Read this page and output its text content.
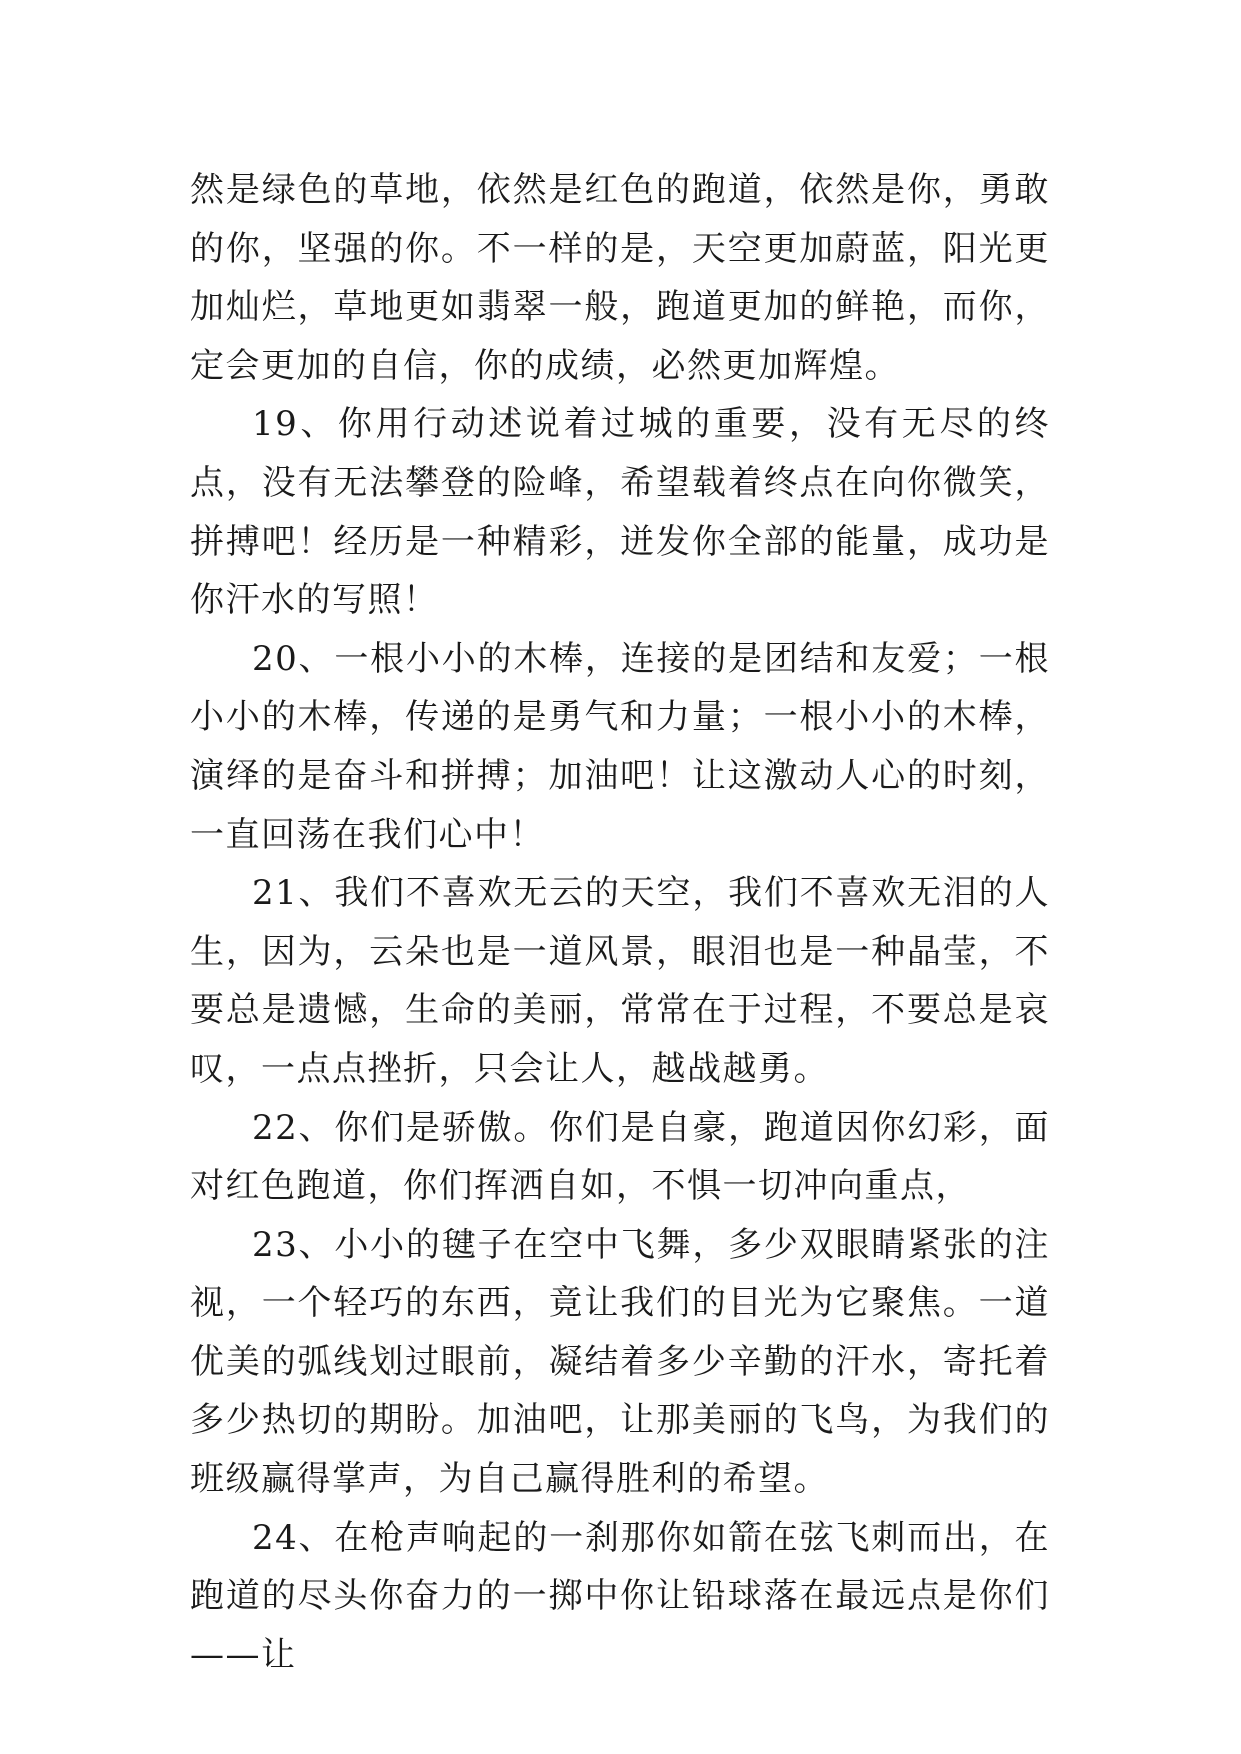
然是绿色的草地，依然是红色的跑道，依然是你，勇敢的你，坚强的你。不一样的是，天空更加蔚蓝，阳光更加灿烂，草地更如翡翠一般，跑道更加的鲜艳，而你，定会更加的自信，你的成绩，必然更加辉煌。

19、你用行动述说着过城的重要，没有无尽的终点，没有无法攀登的险峰，希望载着终点在向你微笑，拼搏吧！经历是一种精彩，迸发你全部的能量，成功是你汗水的写照！

20、一根小小的木棒，连接的是团结和友爱；一根小小的木棒，传递的是勇气和力量；一根小小的木棒，演绎的是奋斗和拼搏；加油吧！让这激动人心的时刻，一直回荡在我们心中！

21、我们不喜欢无云的天空，我们不喜欢无泪的人生，因为，云朵也是一道风景，眼泪也是一种晶莹，不要总是遗憾，生命的美丽，常常在于过程，不要总是哀叹，一点点挫折，只会让人，越战越勇。

22、你们是骄傲。你们是自豪，跑道因你幻彩，面对红色跑道，你们挥洒自如，不惧一切冲向重点，

23、小小的毽子在空中飞舞，多少双眼睛紧张的注视，一个轻巧的东西，竟让我们的目光为它聚焦。一道优美的弧线划过眼前，凝结着多少辛勤的汗水，寄托着多少热切的期盼。加油吧，让那美丽的飞鸟，为我们的班级赢得掌声，为自己赢得胜利的希望。

24、在枪声响起的一刹那你如箭在弦飞刺而出，在跑道的尽头你奋力的一掷中你让铅球落在最远点是你们——让
